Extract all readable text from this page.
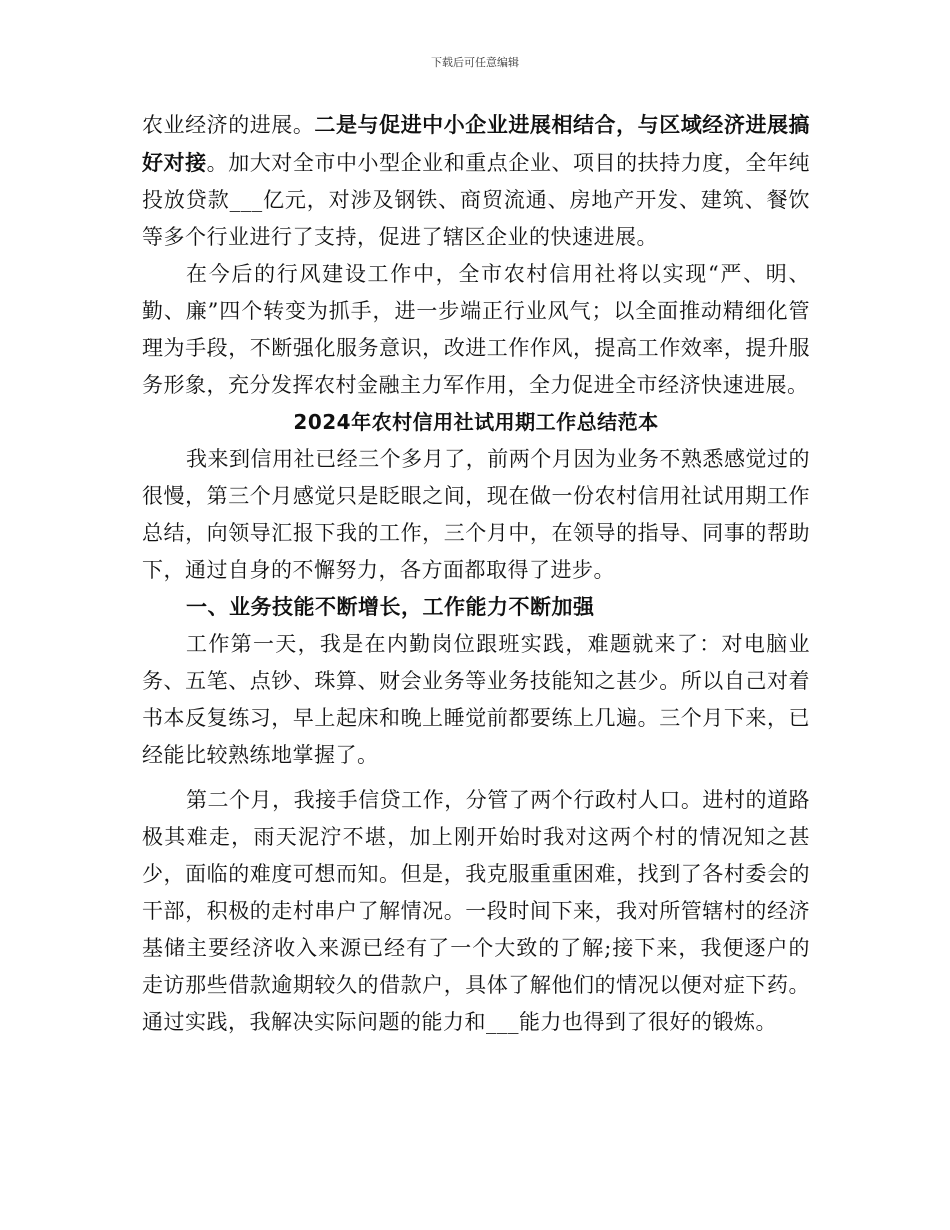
下载后可任意编辑

农业经济的进展。二是与促进中小企业进展相结合，与区域经济进展搞好对接。加大对全市中小型企业和重点企业、项目的扶持力度，全年纯投放贷款___亿元，对涉及钢铁、商贸流通、房地产开发、建筑、餐饮等多个行业进行了支持，促进了辖区企业的快速进展。

在今后的行风建设工作中，全市农村信用社将以实现“严、明、勤、廉”四个转变为抓手，进一步端正行业风气；以全面推动精细化管理为手段，不断强化服务意识，改进工作作风，提高工作效率，提升服务形象，充分发挥农村金融主力军作用，全力促进全市经济快速进展。

2024年农村信用社试用期工作总结范本

我来到信用社已经三个多月了，前两个月因为业务不熟悉感觉过的很慢，第三个月感觉只是眨眼之间，现在做一份农村信用社试用期工作总结，向领导汇报下我的工作，三个月中，在领导的指导、同事的帮助下，通过自身的不懈努力，各方面都取得了进步。

一、业务技能不断增长，工作能力不断加强

工作第一天，我是在内勤岗位跟班实践，难题就来了：对电脑业务、五笔、点钞、珠算、财会业务等业务技能知之甚少。所以自己对着书本反复练习，早上起床和晚上睡觉前都要练上几遍。三个月下来，已经能比较熟练地掌握了。

第二个月，我接手信贷工作，分管了两个行政村人口。进村的道路极其难走，雨天泥泞不堪，加上刚开始时我对这两个村的情况知之甚少，面临的难度可想而知。但是，我克服重重困难，找到了各村委会的干部，积极的走村串户了解情况。一段时间下来，我对所管辖村的经济基储主要经济收入来源已经有了一个大致的了解;接下来，我便逐户的走访那些借款逾期较久的借款户，具体了解他们的情况以便对症下药。通过实践，我解决实际问题的能力和___能力也得到了很好的锻炼。
